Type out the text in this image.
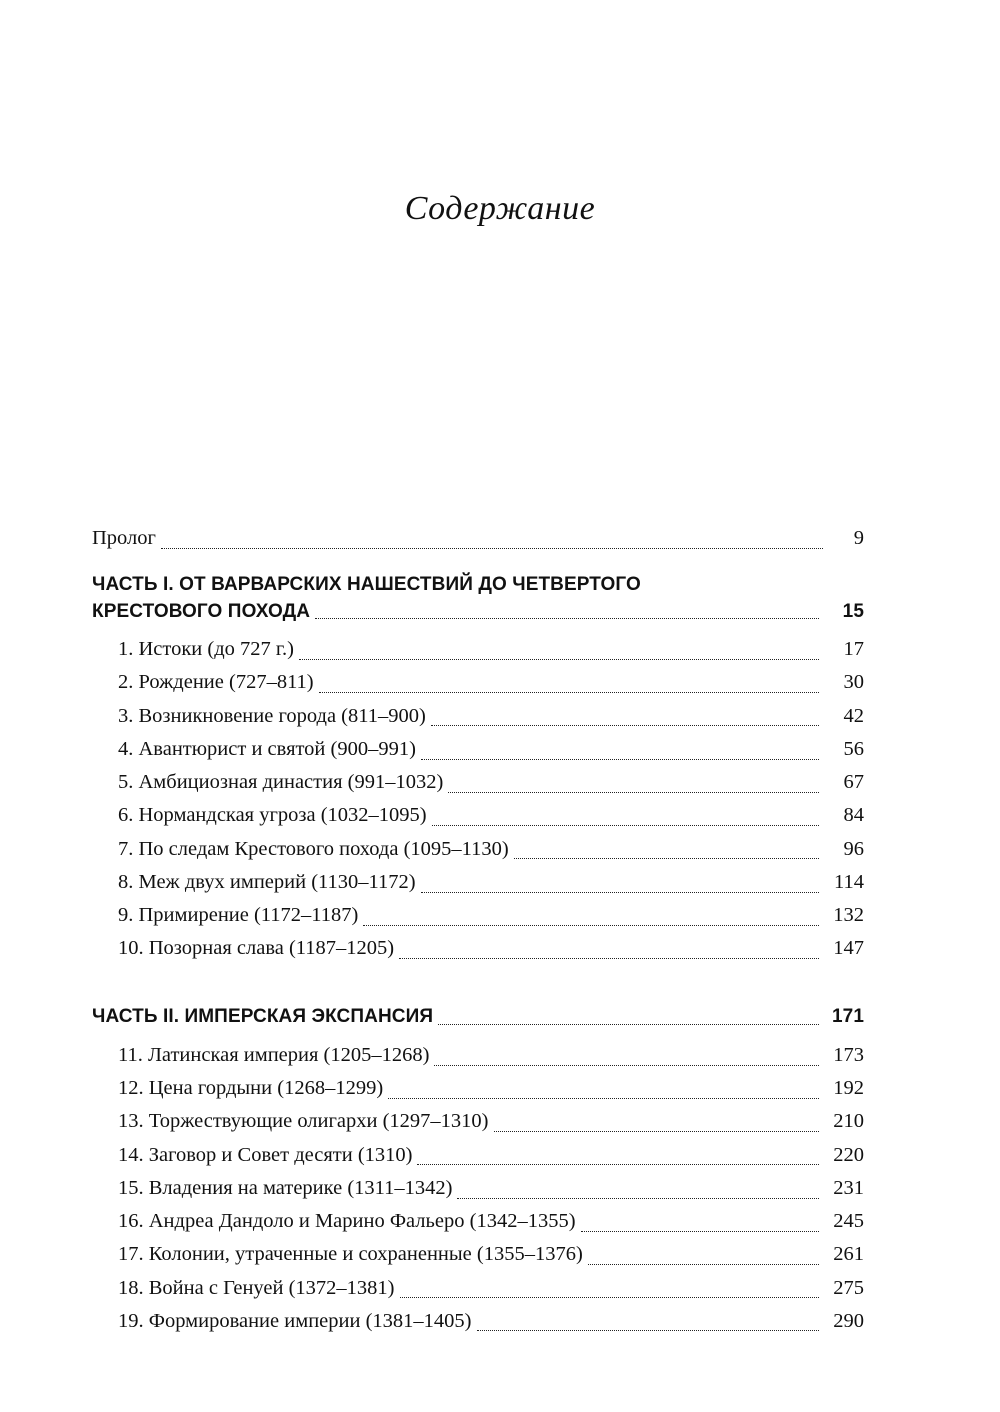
Содержание
Пролог	9
ЧАСТЬ I. ОТ ВАРВАРСКИХ НАШЕСТВИЙ ДО ЧЕТВЕРТОГО
КРЕСТОВОГО ПОХОДА	15
1. Истоки (до 727 г.)	17
2. Рождение (727–811)	30
3. Возникновение города (811–900)	42
4. Авантюрист и святой (900–991)	56
5. Амбициозная династия (991–1032)	67
6. Нормандская угроза (1032–1095)	84
7. По следам Крестового похода (1095–1130)	96
8. Меж двух империй (1130–1172)	114
9. Примирение (1172–1187)	132
10. Позорная слава (1187–1205)	147
ЧАСТЬ II. ИМПЕРСКАЯ ЭКСПАНСИЯ	171
11. Латинская империя (1205–1268)	173
12. Цена гордыни (1268–1299)	192
13. Торжествующие олигархи (1297–1310)	210
14. Заговор и Совет десяти (1310)	220
15. Владения на материке (1311–1342)	231
16. Андреа Дандоло и Марино Фальеро (1342–1355)	245
17. Колонии, утраченные и сохраненные (1355–1376)	261
18. Война с Генуей (1372–1381)	275
19. Формирование империи (1381–1405)	290
